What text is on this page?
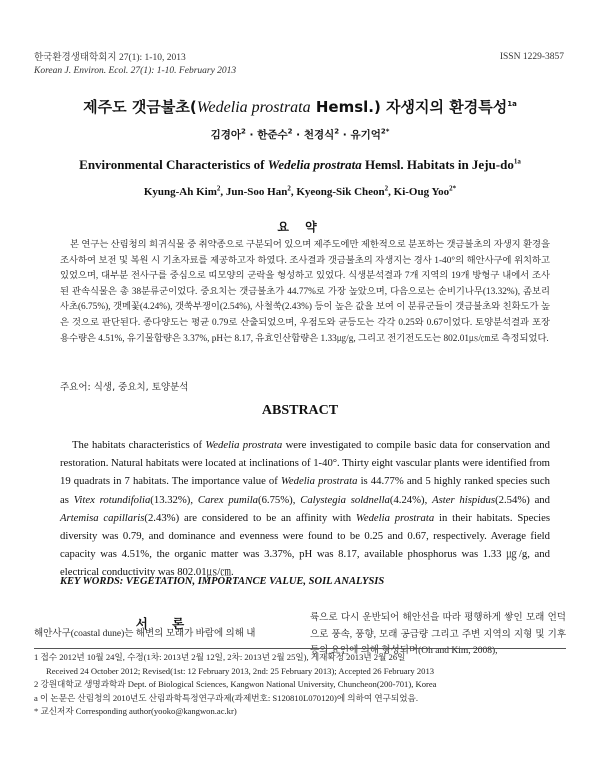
한국환경생태학회지 27(1): 1-10, 2013
Korean J. Environ. Ecol. 27(1): 1-10. February 2013
ISSN 1229-3857
제주도 갯금불초(Wedelia prostrata Hemsl.) 자생지의 환경특성$^{1a}$
김경아$^2$ · 한준수$^2$ · 천경식$^2$ · 유기억$^{2*}$
Environmental Characteristics of Wedelia prostrata Hemsl. Habitats in Jeju-$do^{1a}$
Kyung-Ah Kim$^2$, Jun-Soo Han$^2$, Kyeong-Sik Cheon$^2$, Ki-Oug Yoo$^{2*}$
요 약
본 연구는 산림청의 희귀식물 중 취약종으로 구분되어 있으며 제주도에만 제한적으로 분포하는 갯금불초의 자생지 환경을 조사하여 보전 및 복원 시 기초자료를 제공하고자 하였다. 조사결과 갯금불초의 자생지는 경사 1-40°의 해안사구에 위치하고 있었으며, 대부분 전사구를 중심으로 띠모양의 군락을 형성하고 있었다. 식생분석결과 7개 지역의 19개 방형구 내에서 조사된 관속식물은 총 38분류군이었다. 중요치는 갯금불초가 44.77%로 가장 높았으며, 다음으로는 순비기나무(13.32%), 좀보리사초(6.75%), 갯메꽃(4.24%), 갯쑥부쟁이(2.54%), 사철쑥(2.43%) 등이 높은 값을 보여 이 분류군들이 갯금불초와 친화도가 높은 것으로 판단된다. 종다양도는 평균 0.79로 산출되었으며, 우점도와 균등도는 각각 0.25와 0.67이었다. 토양분석결과 포장용수량은 4.51%, 유기물함량은 3.37%, pH는 8.17, 유효인산함량은 1.33㎍/g, 그리고 전기전도도는 802.01㎲/㎝로 측정되었다.
주요어: 식생, 중요치, 토양분석
ABSTRACT
The habitats characteristics of Wedelia prostrata were investigated to compile basic data for conservation and restoration. Natural habitats were located at inclinations of 1-40°. Thirty eight vascular plants were identified from 19 quadrats in 7 habitats. The importance value of Wedelia prostrata is 44.77% and 5 highly ranked species such as Vitex rotundifolia(13.32%), Carex pumila(6.75%), Calystegia soldnella(4.24%), Aster hispidus(2.54%) and Artemisa capillaris(2.43%) are considered to be an affinity with Wedelia prostrata in their habitats. Species diversity was 0.79, and dominance and evenness were found to be 0.25 and 0.67, respectively. Average field capacity was 4.51%, the organic matter was 3.37%, pH was 8.17, available phosphorus was 1.33 ㎍/g, and electrical conductivity was 802.01㎲/㎝.
KEY WORDS: VEGETATION, IMPORTANCE VALUE, SOIL ANALYSIS
서 론
해안사구(coastal dune)는 해변의 모래가 바람에 의해 내
륙으로 다시 운반되어 해안선을 따라 평행하게 쌓인 모래 언덕으로 풍속, 풍향, 모래 공급량 그리고 주변 지역의 지형 및 기후 등의 요인에 의해 형성되며(Oh and Kim, 2008),
1 접수 2012년 10월 24일, 수정(1차: 2013년 2월 12일, 2차: 2013년 2월 25일), 게재확정 2013년 2월 26일
Received 24 October 2012; Revised(1st: 12 February 2013, 2nd: 25 February 2013); Accepted 26 February 2013
2 강원대학교 생명과학과 Dept. of Biological Sciences, Kangwon National University, Chuncheon(200-701), Korea
a 이 논문은 산림청의 2010년도 산림과학특정연구과제(과제번호: S120810L070120)에 의하여 연구되었음.
* 교신저자 Corresponding author(yooko@kangwon.ac.kr)
